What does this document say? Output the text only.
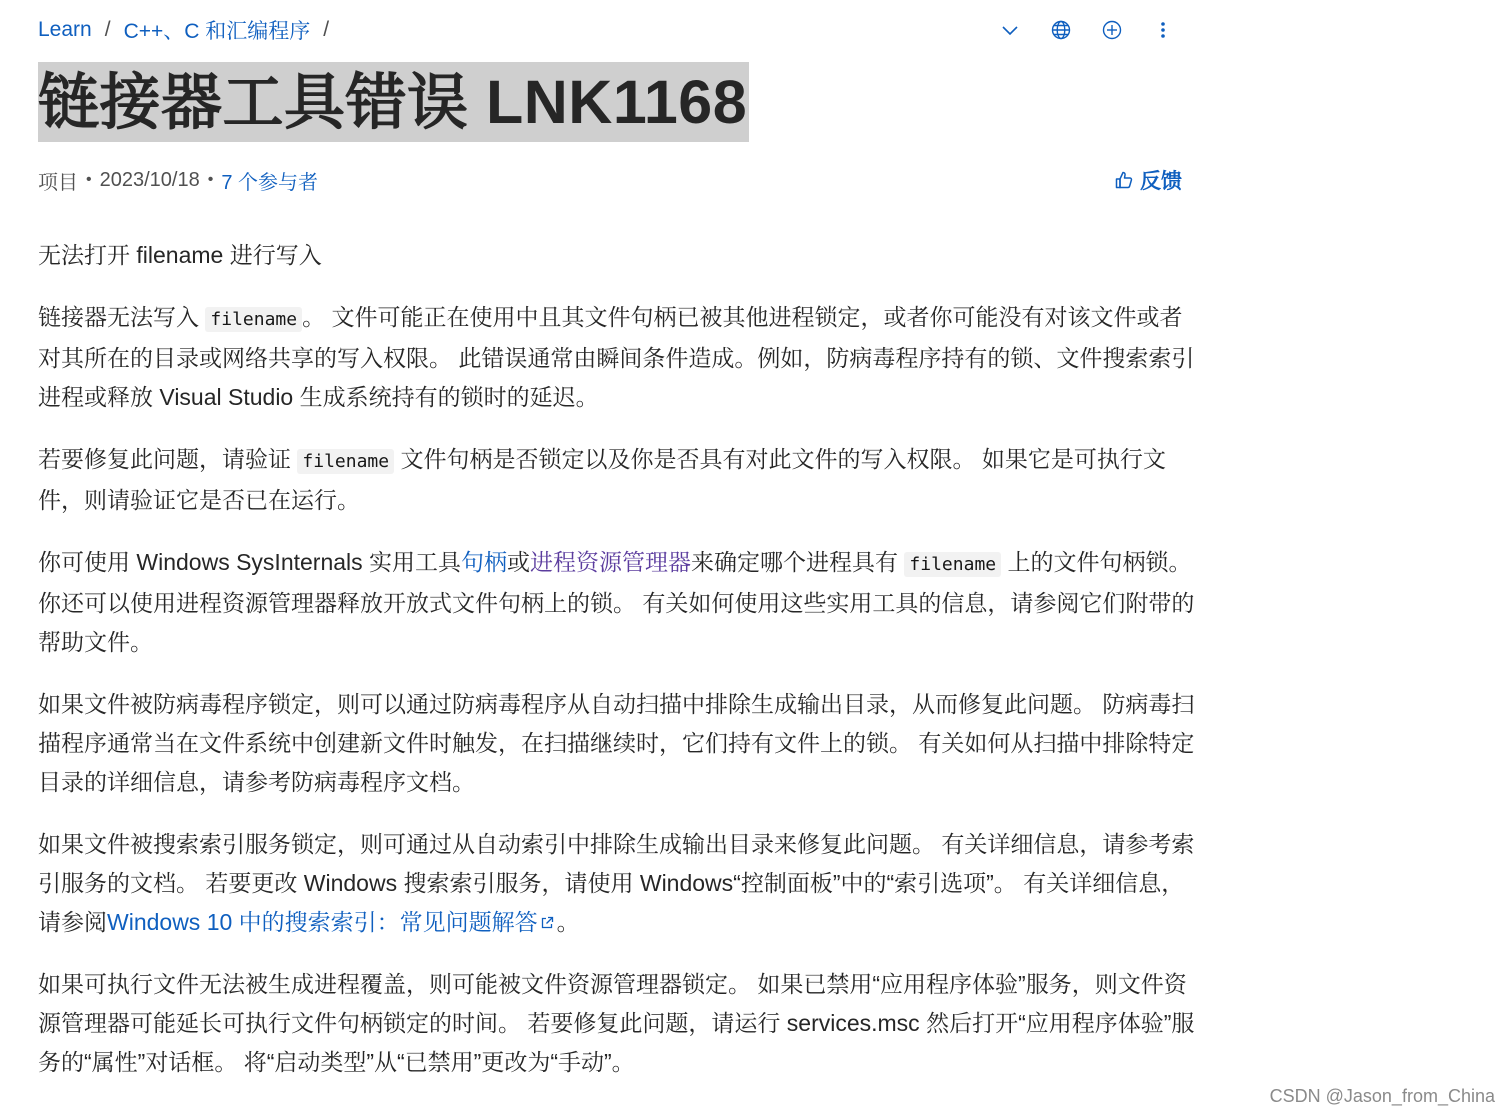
Learn / C++、C 和汇编程序 /
链接器工具错误 LNK1168
项目 • 2023/10/18 • 7 个参与者	反馈

无法打开 filename 进行写入

链接器无法写入 filename 。 文件可能正在使用中且其文件句柄已被其他进程锁定，或者你可能没有对该文件或者对其所在的目录或网络共享的写入权限。 此错误通常由瞬间条件造成。例如，防病毒程序持有的锁、文件搜索索引进程或释放 Visual Studio 生成系统持有的锁时的延迟。

若要修复此问题，请验证 filename 文件句柄是否锁定以及你是否具有对此文件的写入权限。 如果它是可执行文件，则请验证它是否已在运行。

你可使用 Windows SysInternals 实用工具句柄或进程资源管理器来确定哪个进程具有 filename 上的文件句柄锁。 你还可以使用进程资源管理器释放开放式文件句柄上的锁。 有关如何使用这些实用工具的信息，请参阅它们附带的帮助文件。

如果文件被防病毒程序锁定，则可以通过防病毒程序从自动扫描中排除生成输出目录，从而修复此问题。 防病毒扫描程序通常当在文件系统中创建新文件时触发，在扫描继续时，它们持有文件上的锁。 有关如何从扫描中排除特定目录的详细信息，请参考防病毒程序文档。

如果文件被搜索索引服务锁定，则可通过从自动索引中排除生成输出目录来修复此问题。 有关详细信息，请参考索引服务的文档。 若要更改 Windows 搜索索引服务，请使用 Windows“控制面板”中的“索引选项”。 有关详细信息，请参阅Windows 10 中的搜索索引：常见问题解答 。

如果可执行文件无法被生成进程覆盖，则可能被文件资源管理器锁定。 如果已禁用“应用程序体验”服务，则文件资源管理器可能延长可执行文件句柄锁定的时间。 若要修复此问题，请运行 services.msc 然后打开“应用程序体验”服务的“属性”对话框。 将“启动类型”从“已禁用”更改为“手动”。

CSDN @Jason_from_China
